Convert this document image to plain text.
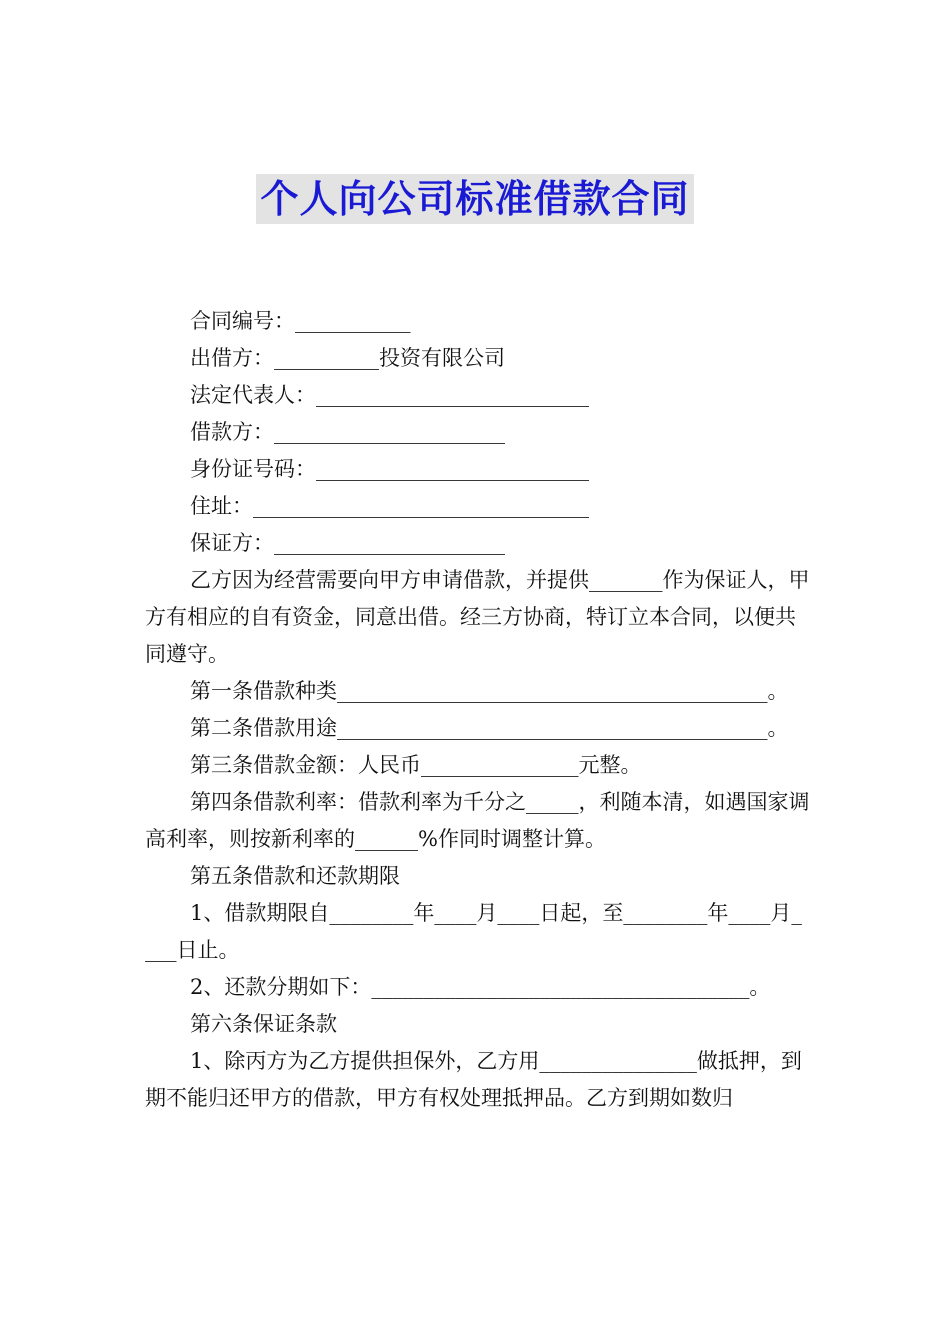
个人向公司标准借款合同

合同编号：___________

出借方：__________投资有限公司

法定代表人：__________________________

借款方：______________________

身份证号码：__________________________

住址：________________________________

保证方：______________________

乙方因为经营需要向甲方申请借款，并提供_______作为保证人，甲方有相应的自有资金，同意出借。经三方协商，特订立本合同，以便共同遵守。

第一条借款种类_________________________________________。

第二条借款用途_________________________________________。

第三条借款金额：人民币_______________元整。

第四条借款利率：借款利率为千分之_____，利随本清，如遇国家调高利率，则按新利率的______%作同时调整计算。

第五条借款和还款期限

1、借款期限自________年____月____日起，至________年____月____日止。

2、还款分期如下：____________________________________。

第六条保证条款

1、除丙方为乙方提供担保外，乙方用_______________做抵押，到期不能归还甲方的借款，甲方有权处理抵押品。乙方到期如数归
